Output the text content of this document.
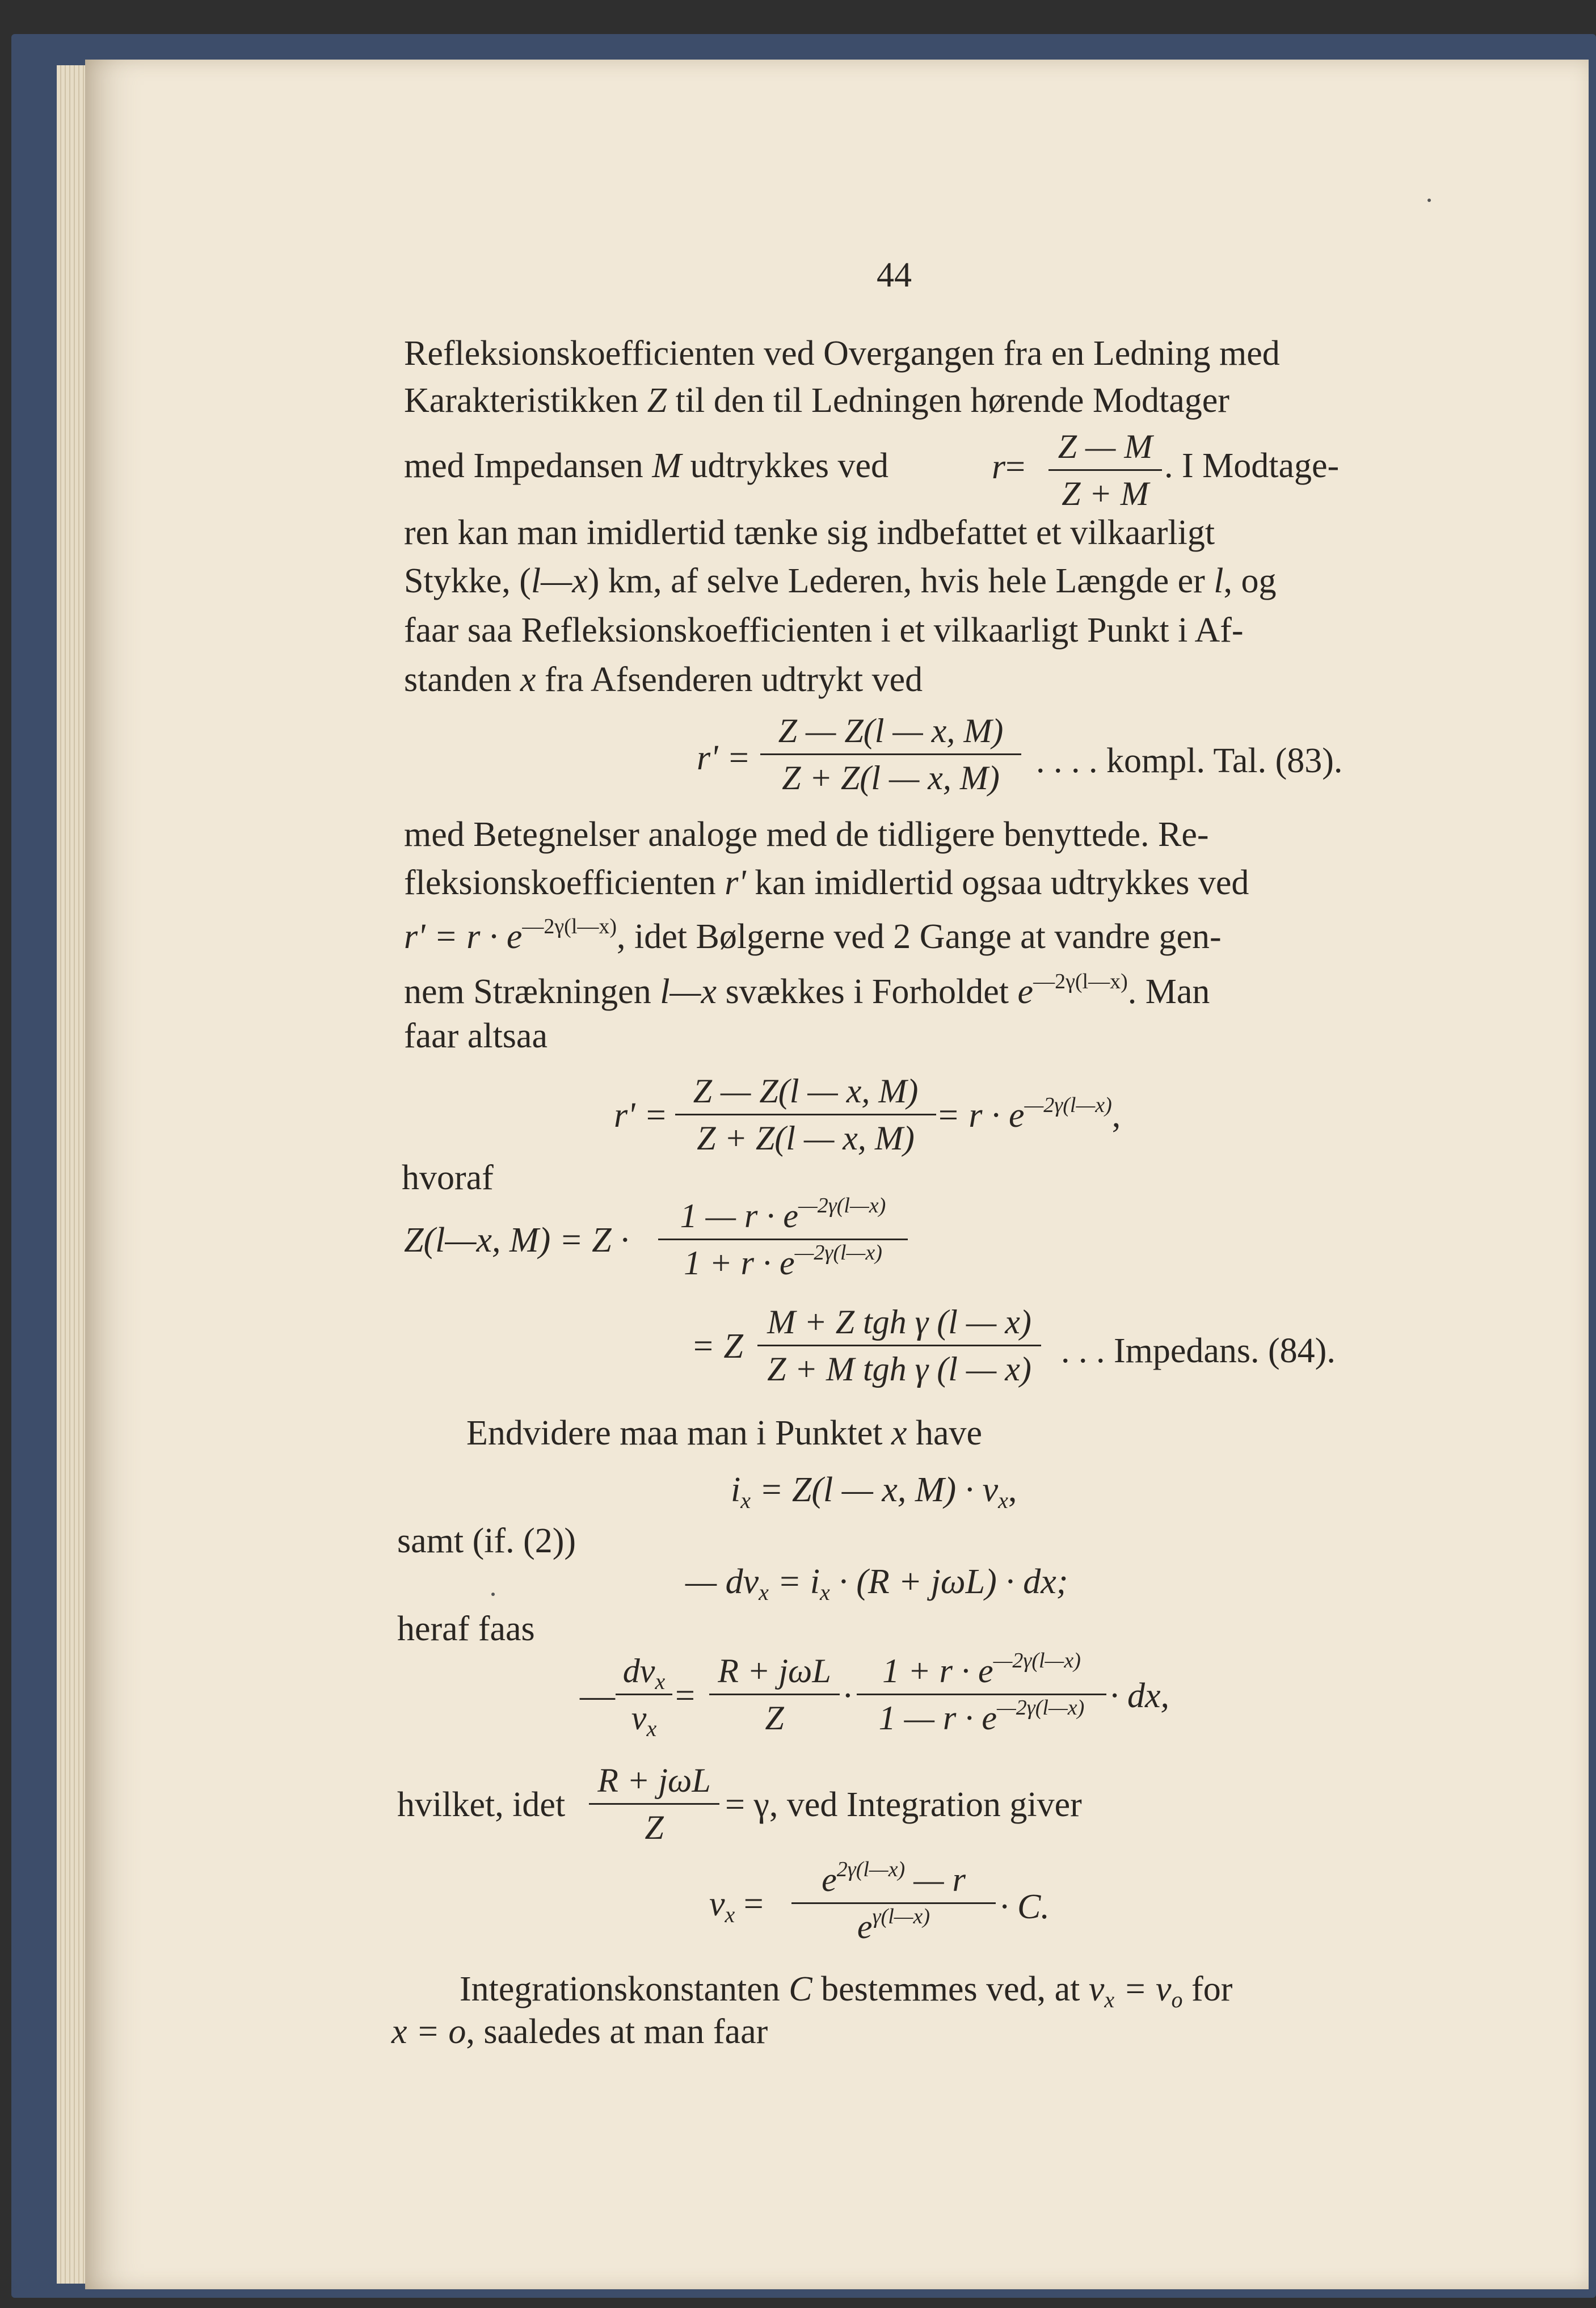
44
Refleksionskoefficienten ved Overgangen fra en Ledning med
Karakteristikken Z til den til Ledningen hørende Modtager
med Impedansen M udtrykkes ved	$r= \frac{Z — M}{Z + M}$ . I Modtage-
ren kan man imidlertid tænke sig indbefattet et vilkaarligt
Stykke, (l—x) km, af selve Lederen, hvis hele Længde er l, og
faar saa Refleksionskoefficienten i et vilkaarligt Punkt i Af-
standen x fra Afsenderen udtrykt ved
$r' = \frac{Z — Z(l — x, M)}{Z + Z(l — x, M)}$ . . . . kompl. Tal. (83).
med Betegnelser analoge med de tidligere benyttede. Re-
fleksionskoefficienten r' kan imidlertid ogsaa udtrykkes ved
$r' = r \cdot e^{—2\gamma(l—x)}$, idet Bølgerne ved 2 Gange at vandre gen-
nem Strækningen l—x svækkes i Forholdet $e^{—2\gamma(l—x)}$. Man
faar altsaa
$r' = \frac{Z — Z(l — x, M)}{Z + Z(l — x, M)} = r \cdot e^{—2\gamma(l—x)}$,
hvoraf
Z(l—x, $M) = Z \cdot \frac{1 — r \cdot e^{—2\gamma(l—x)}}{1 + r \cdot e^{—2\gamma(l—x)}}$
= Z
M + Z tgh γ (l — x)
Z + M tgh γ (l — x) . . . Impedans. (84).
Endvidere maa man i Punktet x have
$i_x = Z(l$ — x, $M) \cdot v_x$,
samt (if. (2))
— $dv_x = i_x \cdot (R + j\omega L)$ · dx;
heraf faas
—
$dv_x$
$v_x$
=
R + jωL
Z
· $\frac{1 + r \cdot e^{—2\gamma(l—x)}}{1 — r \cdot e^{—2\gamma(l—x)}}$ · dx,
hvilket, idet
R + jωL
Z
= γ, ved Integration giver
$v_x = \frac{e^{2\gamma(l—x)} — r}{e^{\gamma(l—x)}} \cdot C$.
Integrationskonstanten C bestemmes ved, at $v_x = v_o$ for
x = o, saaledes at man faar
